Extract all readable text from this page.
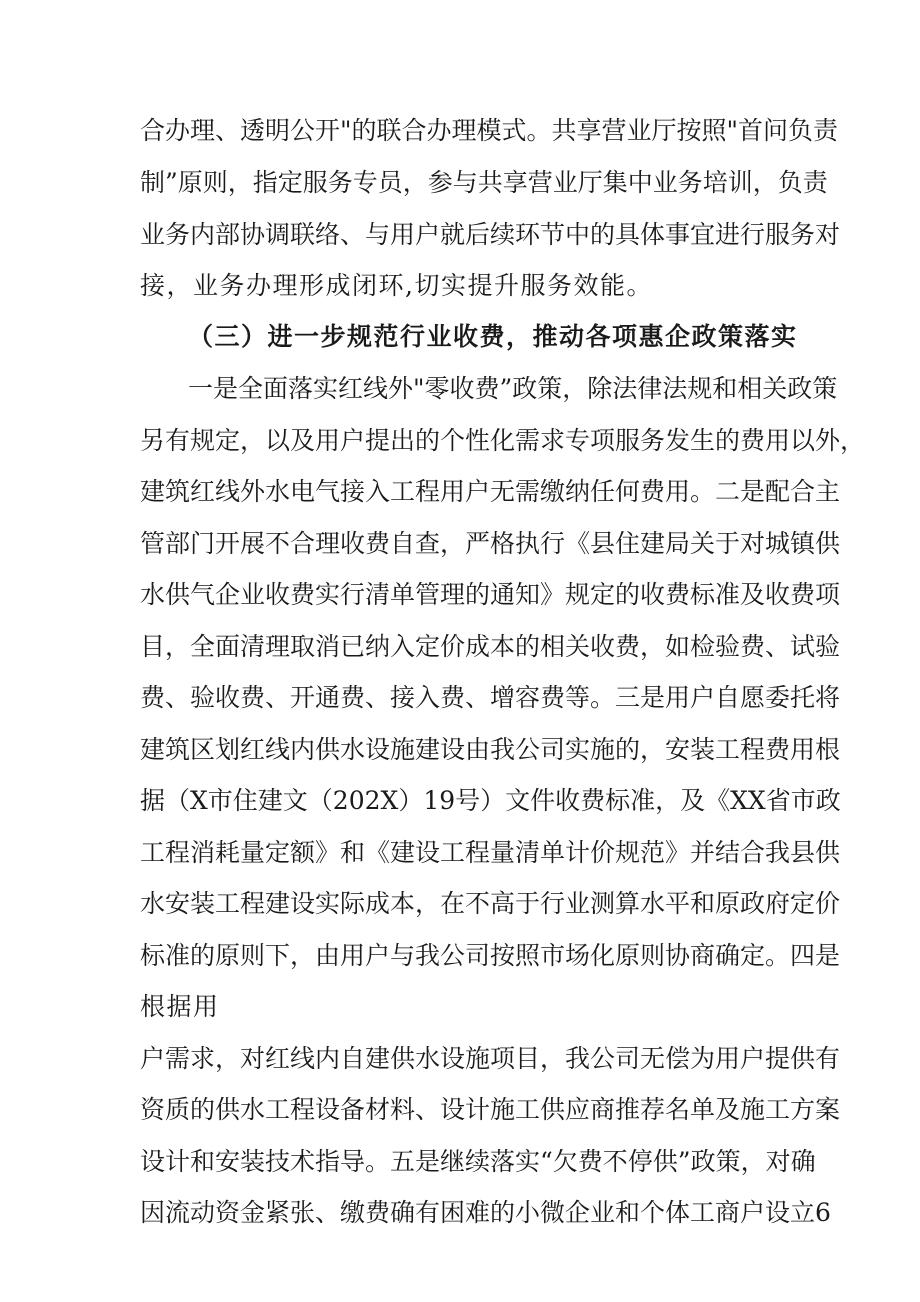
合办理、透明公开"的联合办理模式。共享营业厅按照"首问负责
制”原则，指定服务专员，参与共享营业厅集中业务培训，负责
业务内部协调联络、与用户就后续环节中的具体事宜进行服务对
接，业务办理形成闭环,切实提升服务效能。
（三）进一步规范行业收费，推动各项惠企政策落实
一是全面落实红线外"零收费”政策，除法律法规和相关政策
另有规定，以及用户提出的个性化需求专项服务发生的费用以外，
建筑红线外水电气接入工程用户无需缴纳任何费用。二是配合主
管部门开展不合理收费自查，严格执行《县住建局关于对城镇供
水供气企业收费实行清单管理的通知》规定的收费标准及收费项
目，全面清理取消已纳入定价成本的相关收费，如检验费、试验
费、验收费、开通费、接入费、增容费等。三是用户自愿委托将
建筑区划红线内供水设施建设由我公司实施的，安装工程费用根
据（X市住建文（202X）19号）文件收费标准，及《XX省市政
工程消耗量定额》和《建设工程量清单计价规范》并结合我县供
水安装工程建设实际成本，在不高于行业测算水平和原政府定价
标准的原则下，由用户与我公司按照市场化原则协商确定。四是
根据用
户需求，对红线内自建供水设施项目，我公司无偿为用户提供有
资质的供水工程设备材料、设计施工供应商推荐名单及施工方案
设计和安装技术指导。五是继续落实“欠费不停供”政策，对确
因流动资金紧张、缴费确有困难的小微企业和个体工商户设立6
